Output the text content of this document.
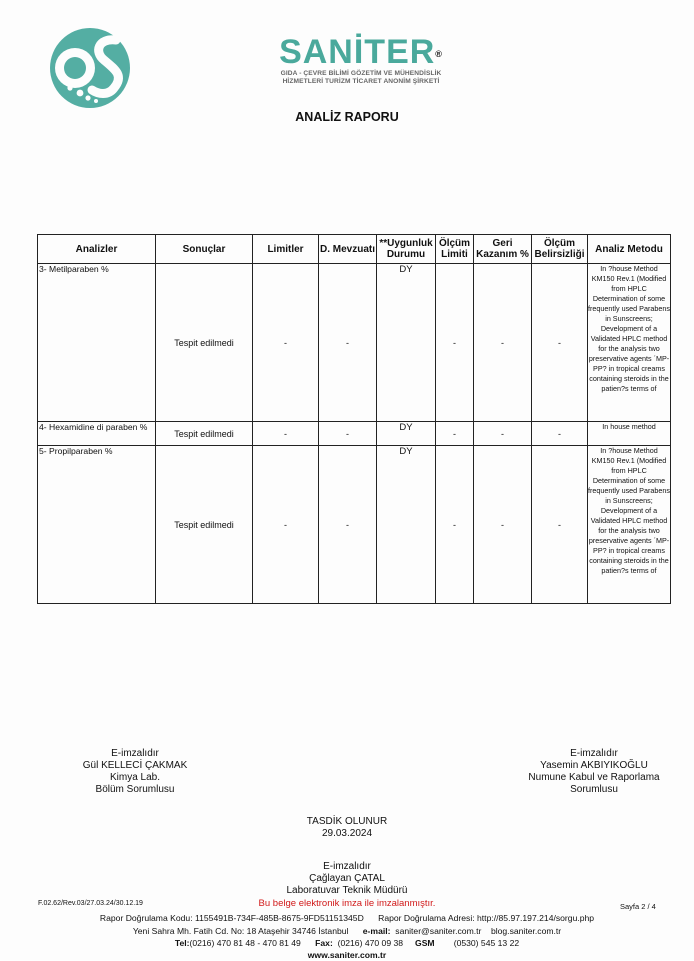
SANİTER®
GIDA - ÇEVRE BİLİMİ GÖZETİM VE MÜHENDİSLİK
HİZMETLERİ TURİZM TİCARET ANONİM ŞİRKETİ
ANALİZ RAPORU
Analizler	Sonuçlar	Limitler	D. Mevzuatı	**Uygunluk Durumu	Ölçüm Limiti	Geri Kazanım %	Ölçüm Belirsizliği	Analiz Metodu
3- Metilparaben %	Tespit edilmedi	-	-	DY	-	-	-	In ?house Method KM150 Rev.1 (Modified from HPLC Determination of some frequently used Parabens in Sunscreens; Development of a Validated HPLC method for the analysis two preservative agents ´MP-PP? in tropical creams containing steroids in the patien?s terms of

4- Hexamidine di paraben %	Tespit edilmedi	-	-	DY	-	-	-	In house method

5- Propilparaben %	Tespit edilmedi	-	-	DY	-	-	-	In ?house Method KM150 Rev.1 (Modified from HPLC Determination of some frequently used Parabens in Sunscreens; Development of a Validated HPLC method for the analysis two preservative agents ´MP-PP? in tropical creams containing steroids in the patien?s terms of
E-imzalıdır
Gül KELLECİ ÇAKMAK
Kimya Lab.
Bölüm Sorumlusu
E-imzalıdır
Yasemin AKBIYIKOĞLU
Numune Kabul ve Raporlama
Sorumlusu
TASDİK OLUNUR
29.03.2024
E-imzalıdır
Çağlayan ÇATAL
Laboratuvar Teknik Müdürü
F.02.62/Rev.03/27.03.24/30.12.19	Bu belge elektronik imza ile imzalanmıştır.	Sayfa 2 / 4
Rapor Doğrulama Kodu: 1155491B-734F-485B-8675-9FD51151345D Rapor Doğrulama Adresi: http://85.97.197.214/sorgu.php
Yeni Sahra Mh. Fatih Cd. No: 18 Ataşehir 34746 İstanbul e-mail: saniter@saniter.com.tr blog.saniter.com.tr
Tel:(0216) 470 81 48 - 470 81 49 Fax: (0216) 470 09 38 GSM (0530) 545 13 22
www.saniter.com.tr
